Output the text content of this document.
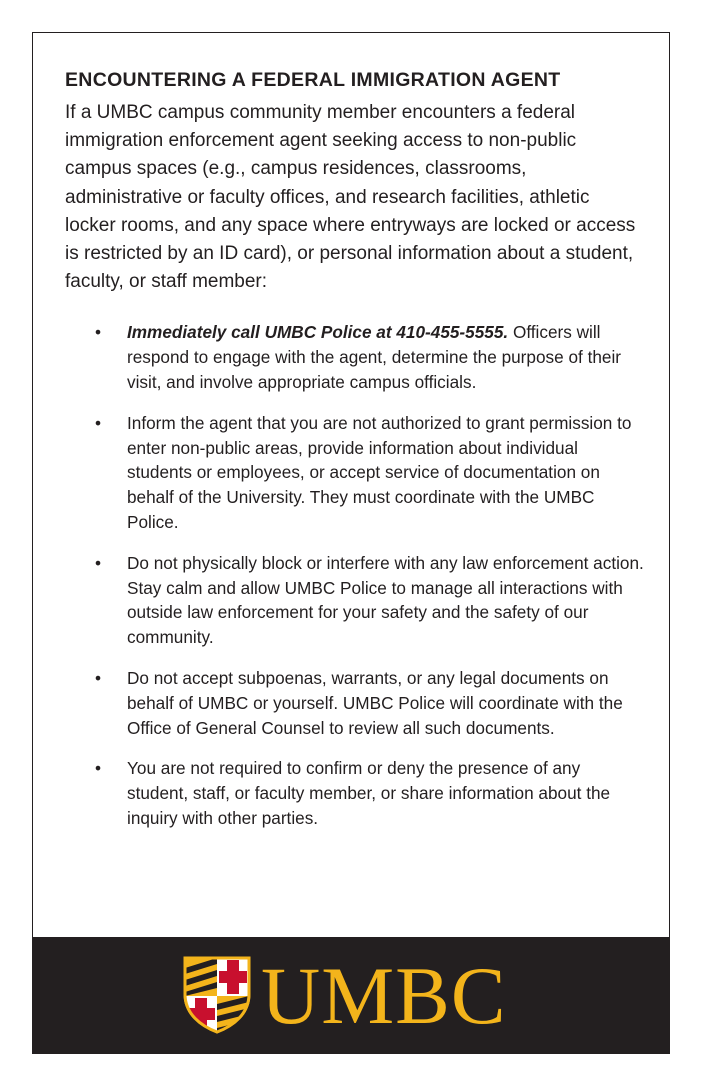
ENCOUNTERING A FEDERAL IMMIGRATION AGENT

If a UMBC campus community member encounters a federal immigration enforcement agent seeking access to non-public campus spaces (e.g., campus residences, classrooms, administrative or faculty offices, and research facilities, athletic locker rooms, and any space where entryways are locked or access is restricted by an ID card), or personal information about a student, faculty, or staff member:

• Immediately call UMBC Police at 410-455-5555. Officers will respond to engage with the agent, determine the purpose of their visit, and involve appropriate campus officials.
• Inform the agent that you are not authorized to grant permission to enter non-public areas, provide information about individual students or employees, or accept service of documentation on behalf of the University. They must coordinate with the UMBC Police.
• Do not physically block or interfere with any law enforcement action. Stay calm and allow UMBC Police to manage all interactions with outside law enforcement for your safety and the safety of our community.
• Do not accept subpoenas, warrants, or any legal documents on behalf of UMBC or yourself. UMBC Police will coordinate with the Office of General Counsel to review all such documents.
• You are not required to confirm or deny the presence of any student, staff, or faculty member, or share information about the inquiry with other parties.
UMBC
